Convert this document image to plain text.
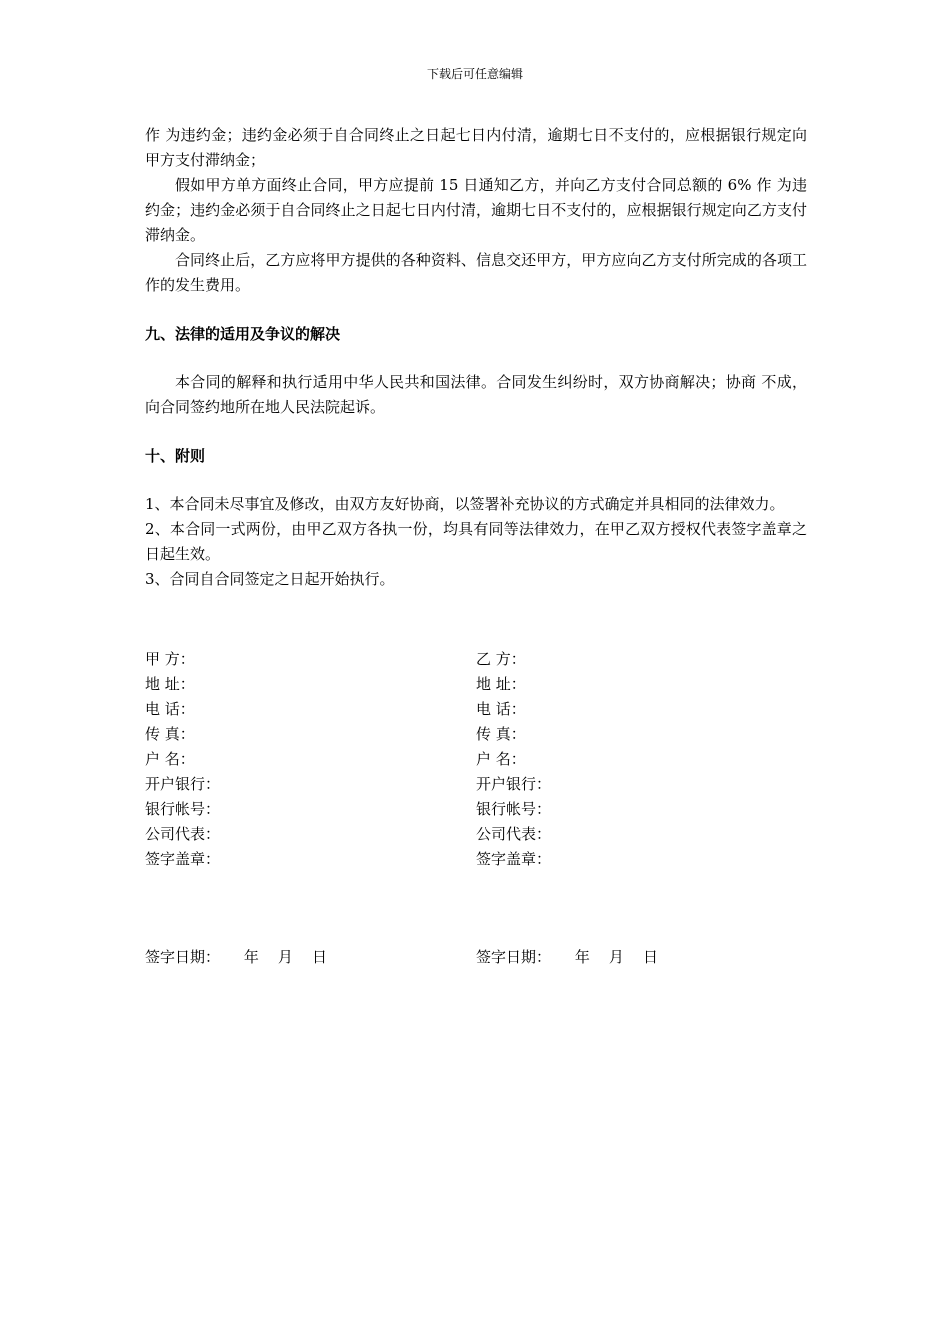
下载后可任意编辑

作 为违约金；违约金必须于自合同终止之日起七日内付清，逾期七日不支付的，应根据银行规定向甲方支付滞纳金；

假如甲方单方面终止合同，甲方应提前 15 日通知乙方，并向乙方支付合同总额的 6% 作 为违约金；违约金必须于自合同终止之日起七日内付清，逾期七日不支付的，应根据银行规定向乙方支付滞纳金。

合同终止后，乙方应将甲方提供的各种资料、信息交还甲方，甲方应向乙方支付所完成的各项工作的发生费用。

九、法律的适用及争议的解决

本合同的解释和执行适用中华人民共和国法律。合同发生纠纷时，双方协商解决；协商 不成，向合同签约地所在地人民法院起诉。

十、附则

1、本合同未尽事宜及修改，由双方友好协商，以签署补充协议的方式确定并具相同的法律效力。

2、本合同一式两份，由甲乙双方各执一份，均具有同等法律效力，在甲乙双方授权代表签字盖章之日起生效。

3、合同自合同签定之日起开始执行。

甲 方：	乙 方：
地 址：	地 址：
电 话：	电 话：
传 真：	传 真：
户 名：	户 名：
开户银行：	开户银行：
银行帐号：	银行帐号：
公司代表：	公司代表：
签字盖章：	签字盖章：
签字日期：     年    月    日	签字日期：     年    月    日
